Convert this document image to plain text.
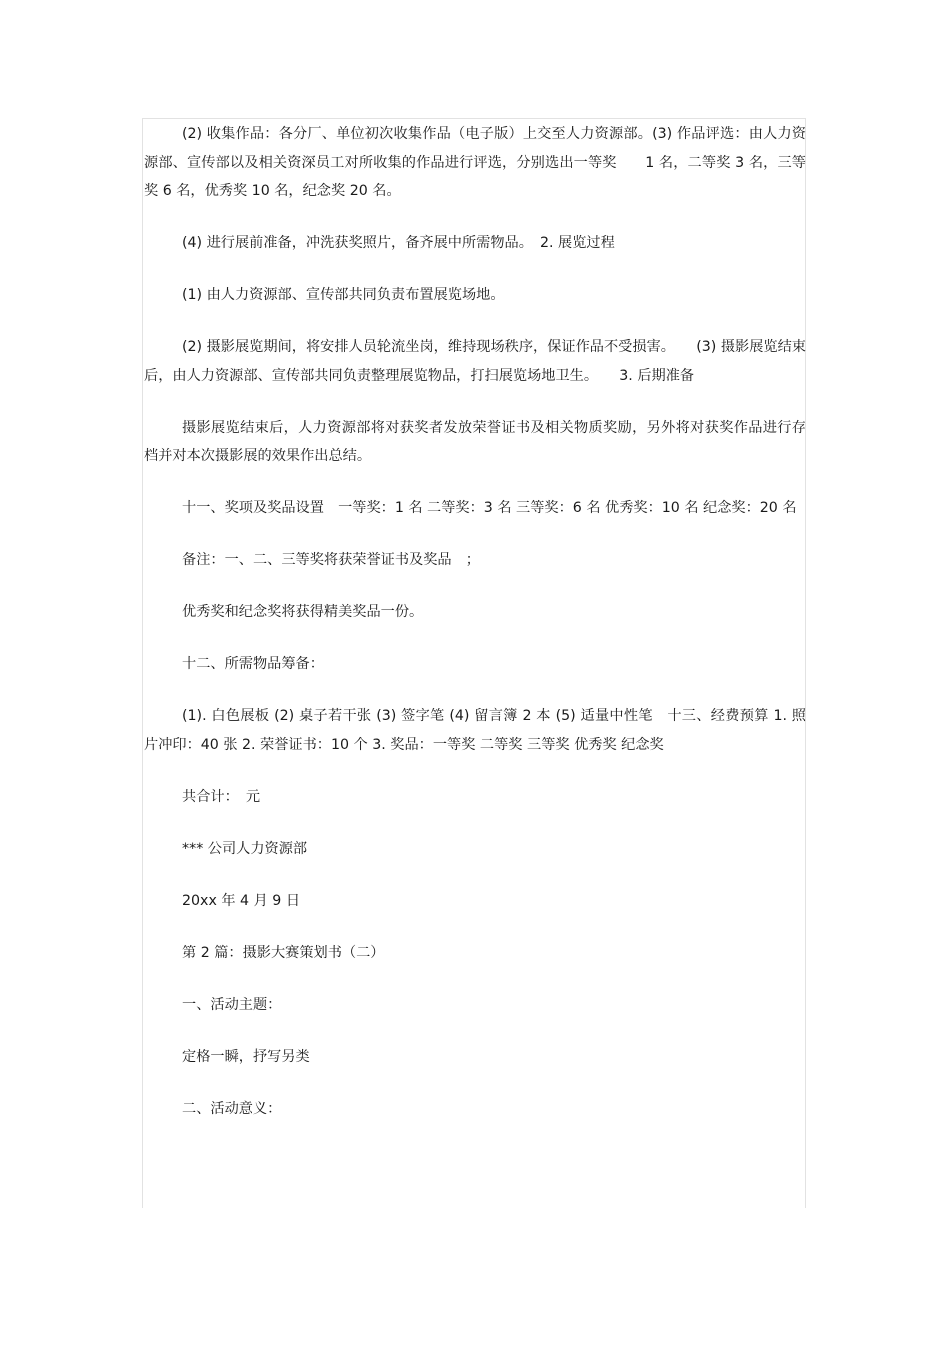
(2) 收集作品：各分厂、单位初次收集作品（电子版）上交至人力资源部。(3) 作品评选：由人力资源部、宣传部以及相关资深员工对所收集的作品进行评选，分别选出一等奖　　1 名，二等奖 3 名，三等奖 6 名，优秀奖 10 名，纪念奖 20 名。

(4) 进行展前准备，冲洗获奖照片，备齐展中所需物品。　2. 展览过程

(1) 由人力资源部、宣传部共同负责布置展览场地。

(2) 摄影展览期间，将安排人员轮流坐岗，维持现场秩序，保证作品不受损害。　　(3) 摄影展览结束后，由人力资源部、宣传部共同负责整理展览物品，打扫展览场地卫生。　　3. 后期准备

摄影展览结束后，人力资源部将对获奖者发放荣誉证书及相关物质奖励，另外将对获奖作品进行存档并对本次摄影展的效果作出总结。

十一、奖项及奖品设置　一等奖：1 名 二等奖：3 名 三等奖：6 名 优秀奖：10 名 纪念奖：20 名

备注：一、二、三等奖将获荣誉证书及奖品　；

优秀奖和纪念奖将获得精美奖品一份。

十二、所需物品筹备：

(1). 白色展板 (2) 桌子若干张 (3) 签字笔 (4) 留言簿 2 本 (5) 适量中性笔　十三、经费预算 1. 照片冲印：40 张 2. 荣誉证书：10 个 3. 奖品：一等奖 二等奖 三等奖 优秀奖 纪念奖

共合计：　元

*** 公司人力资源部

20xx 年 4 月 9 日

第 2 篇：摄影大赛策划书（二）

一、活动主题：

定格一瞬，抒写另类

二、活动意义：
